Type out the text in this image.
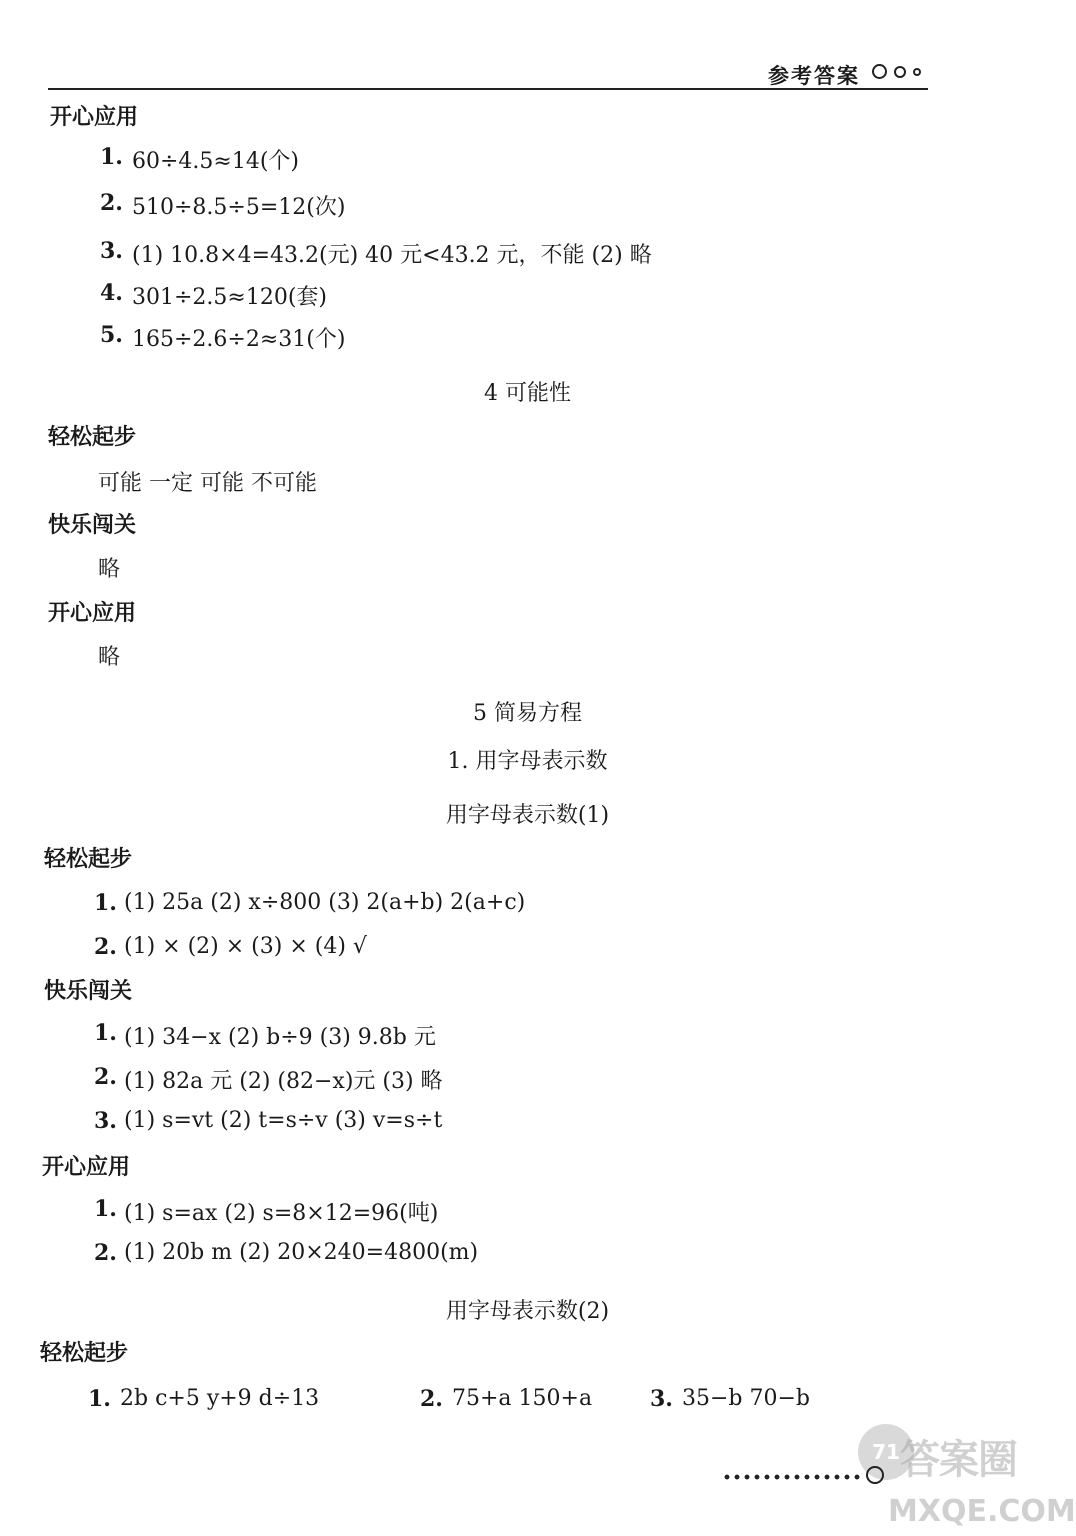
参考答案
开心应用
1. 60÷4.5≈14(个)
2. 510÷8.5÷5=12(次)
3. (1) 10.8×4=43.2(元) 40 元<43.2 元，不能 (2) 略
4. 301÷2.5≈120(套)
5. 165÷2.6÷2≈31(个)
4 可能性
轻松起步
可能 一定 可能 不可能
快乐闯关
略
开心应用
略
5 简易方程
1. 用字母表示数
用字母表示数(1)
轻松起步
1. (1) 25a (2) x÷800 (3) 2(a+b) 2(a+c)
2. (1) × (2) × (3) × (4) √
快乐闯关
1. (1) 34−x (2) b÷9 (3) 9.8b 元
2. (1) 82a 元 (2) (82−x)元 (3) 略
3. (1) s=vt (2) t=s÷v (3) v=s÷t
开心应用
1. (1) s=ax (2) s=8×12=96(吨)
2. (1) 20b m (2) 20×240=4800(m)
用字母表示数(2)
轻松起步
1. 2b c+5 y+9 d÷13	2. 75+a 150+a	3. 35−b 70−b
71 答案圈
MXQE.COM
